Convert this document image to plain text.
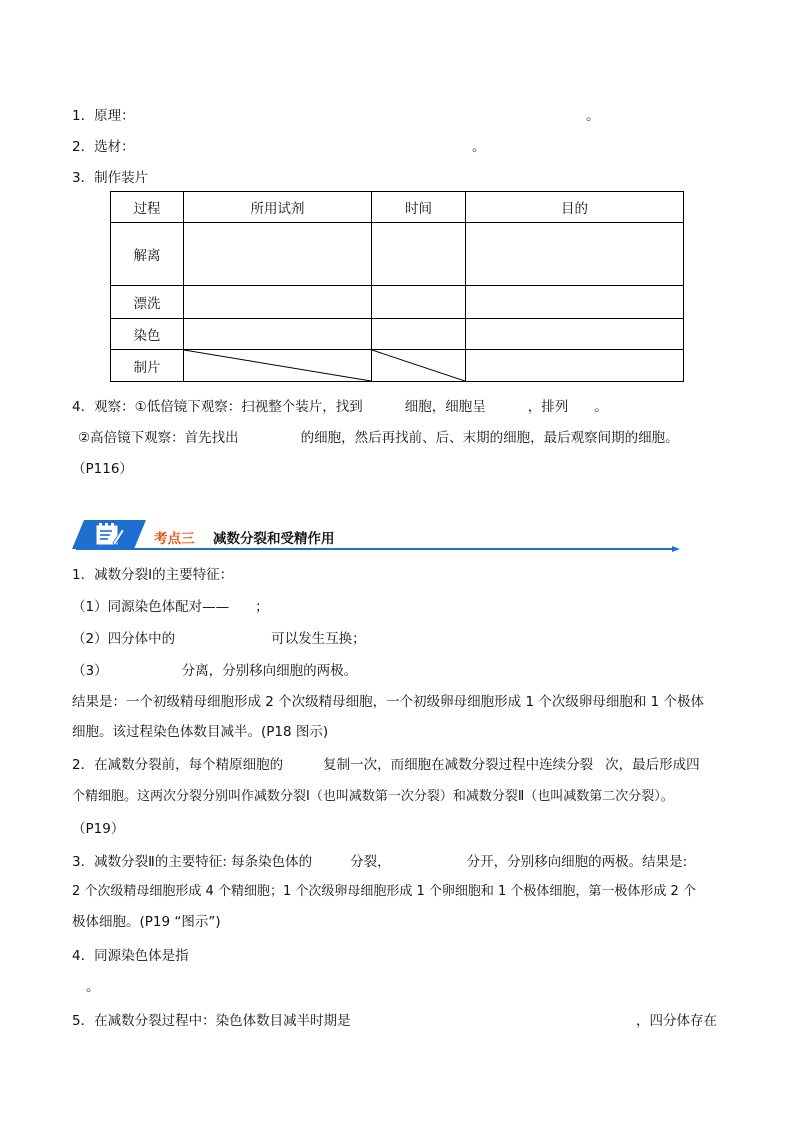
1．原理：	。
2．选材：	。
3．制作装片
过程	所用试剂	时间	目的
解离			
漂洗			
染色			
制片	

4．观察：①低倍镜下观察：扫视整个装片，找到	细胞，细胞呈	，排列 。
②高倍镜下观察：首先找出	的细胞，然后再找前、后、末期的细胞，最后观察间期的细胞。
（P116）
考点三 减数分裂和受精作用
1．减数分裂Ⅰ的主要特征：
（1）同源染色体配对—— ；
（2）四分体中的	可以发生互换；
（3）	分离，分别移向细胞的两极。
结果是：一个初级精母细胞形成 2 个次级精母细胞，一个初级卵母细胞形成 1 个次级卵母细胞和 1 个极体
细胞。该过程染色体数目减半。(P18 图示)
2．在减数分裂前，每个精原细胞的	复制一次，而细胞在减数分裂过程中连续分裂 次，最后形成四
个精细胞。这两次分裂分别叫作减数分裂Ⅰ（也叫减数第一次分裂）和减数分裂Ⅱ（也叫减数第二次分裂）。
（P19）
3．减数分裂Ⅱ的主要特征: 每条染色体的	分裂，	分开，分别移向细胞的两极。结果是:
2 个次级精母细胞形成 4 个精细胞；1 个次级卵母细胞形成 1 个卵细胞和 1 个极体细胞，第一极体形成 2 个
极体细胞。(P19 “图示”)
4．同源染色体是指
。
5．在减数分裂过程中：染色体数目减半时期是	，四分体存在
